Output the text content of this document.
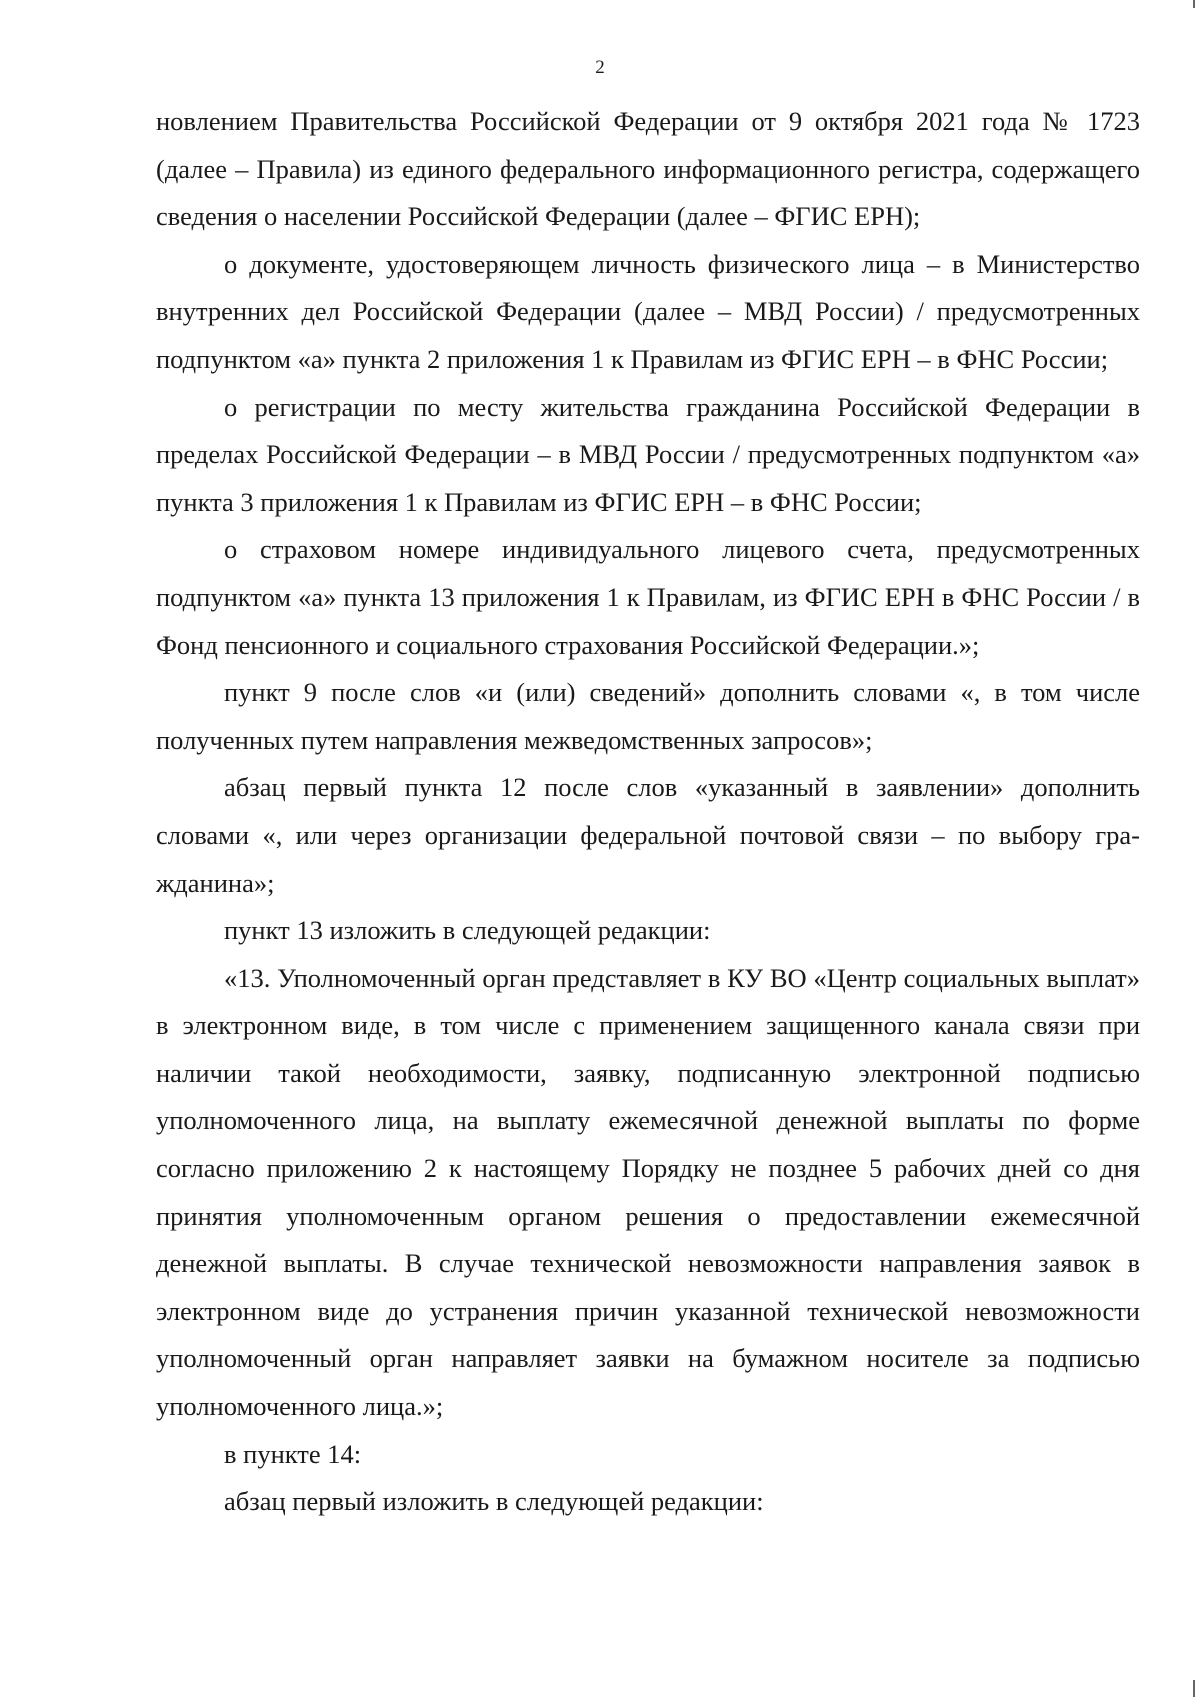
2

новлением Правительства Российской Федерации от 9 октября 2021 года № 1723 (далее – Правила) из единого федерального информационного регистра, содержащего сведения о населении Российской Федерации (далее – ФГИС ЕРН);

о документе, удостоверяющем личность физического лица – в Министерство внутренних дел Российской Федерации (далее – МВД России) / предусмотренных подпунктом «а» пункта 2 приложения 1 к Правилам из ФГИС ЕРН – в ФНС России;

о регистрации по месту жительства гражданина Российской Федерации в пределах Российской Федерации – в МВД России / предусмотренных подпунктом «а» пункта 3 приложения 1 к Правилам из ФГИС ЕРН – в ФНС России;

о страховом номере индивидуального лицевого счета, предусмотренных подпунктом «а» пункта 13 приложения 1 к Правилам, из ФГИС ЕРН в ФНС России / в Фонд пенсионного и социального страхования Российской Федерации.»;

пункт 9 после слов «и (или) сведений» дополнить словами «, в том числе полученных путем направления межведомственных запросов»;

абзац первый пункта 12 после слов «указанный в заявлении» дополнить словами «, или через организации федеральной почтовой связи – по выбору гражданина»;

пункт 13 изложить в следующей редакции:

«13. Уполномоченный орган представляет в КУ ВО «Центр социальных выплат» в электронном виде, в том числе с применением защищенного канала связи при наличии такой необходимости, заявку, подписанную электронной подписью уполномоченного лица, на выплату ежемесячной денежной выплаты по форме согласно приложению 2 к настоящему Порядку не позднее 5 рабочих дней со дня принятия уполномоченным органом решения о предоставлении ежемесячной денежной выплаты. В случае технической невозможности направления заявок в электронном виде до устранения причин указанной технической невозможности уполномоченный орган направляет заявки на бумажном носителе за подписью уполномоченного лица.»;

в пункте 14:

абзац первый изложить в следующей редакции:
